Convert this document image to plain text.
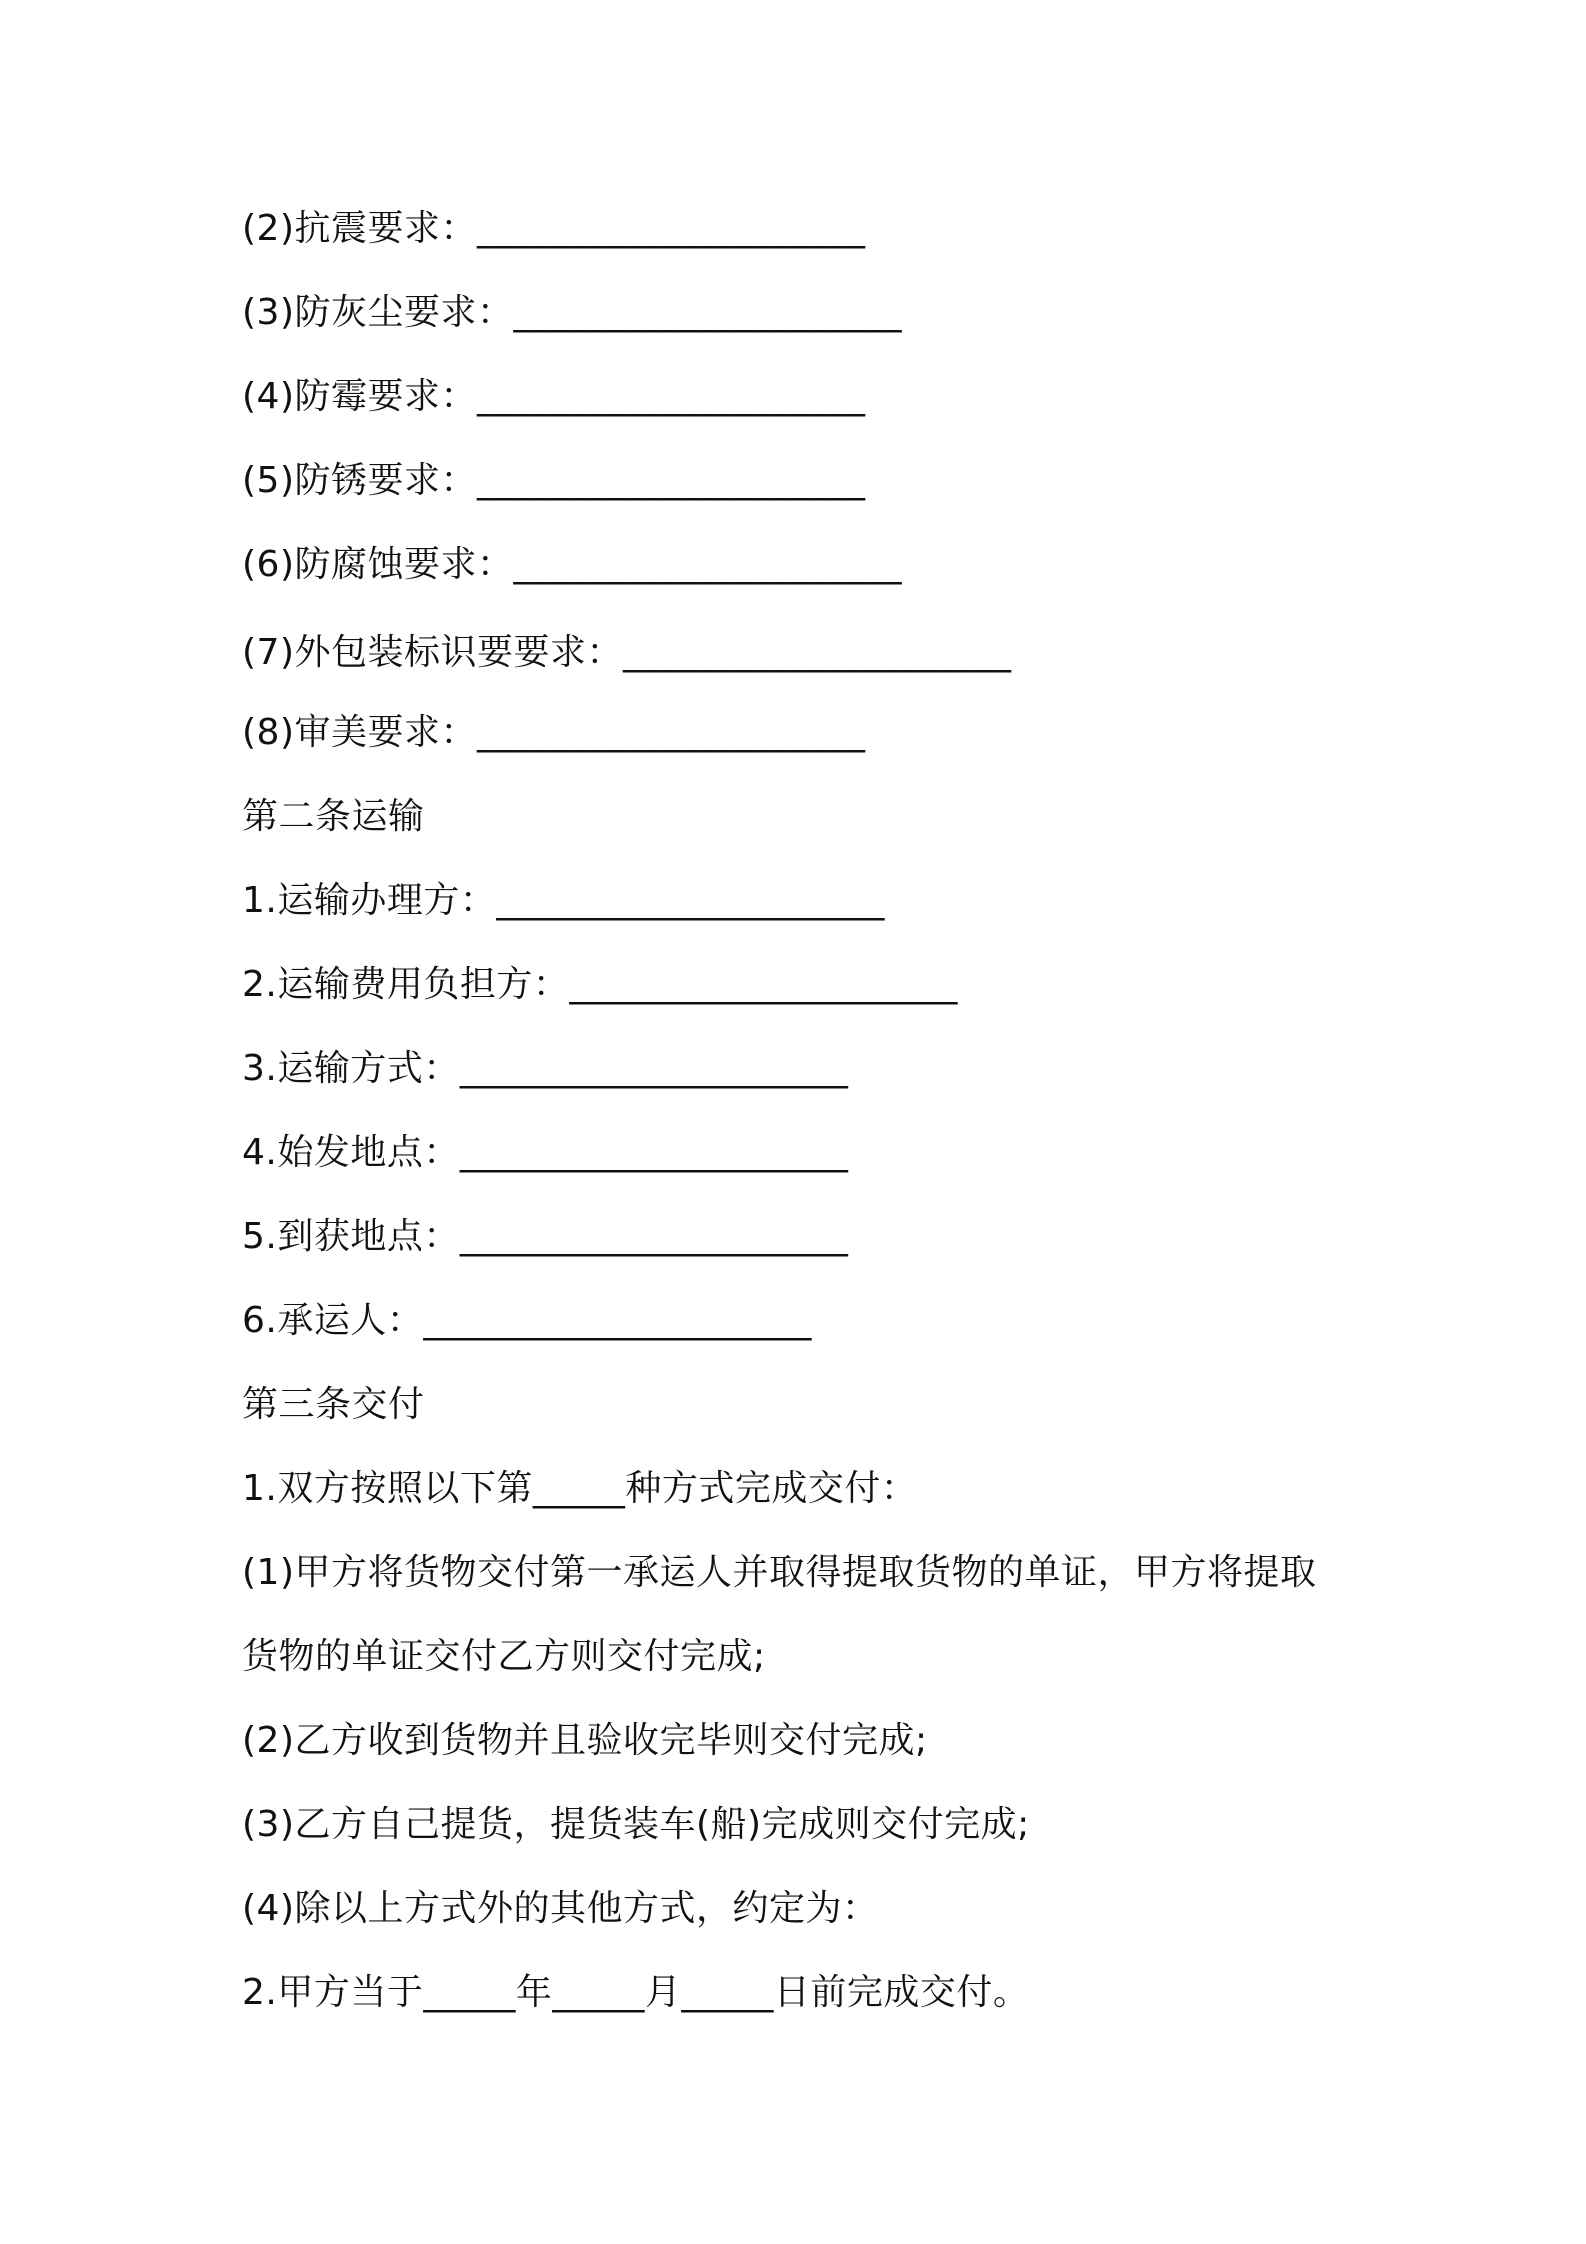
(2)抗震要求：_____________________
(3)防灰尘要求：_____________________
(4)防霉要求：_____________________
(5)防锈要求：_____________________
(6)防腐蚀要求：_____________________
(7)外包装标识要要求：_____________________
(8)审美要求：_____________________
第二条运输
1.运输办理方：_____________________
2.运输费用负担方：_____________________
3.运输方式：_____________________
4.始发地点：_____________________
5.到获地点：_____________________
6.承运人：_____________________
第三条交付
1.双方按照以下第_____种方式完成交付：
(1)甲方将货物交付第一承运人并取得提取货物的单证，甲方将提取
货物的单证交付乙方则交付完成;
(2)乙方收到货物并且验收完毕则交付完成;
(3)乙方自己提货，提货装车(船)完成则交付完成;
(4)除以上方式外的其他方式，约定为：
2.甲方当于_____年_____月_____日前完成交付。
